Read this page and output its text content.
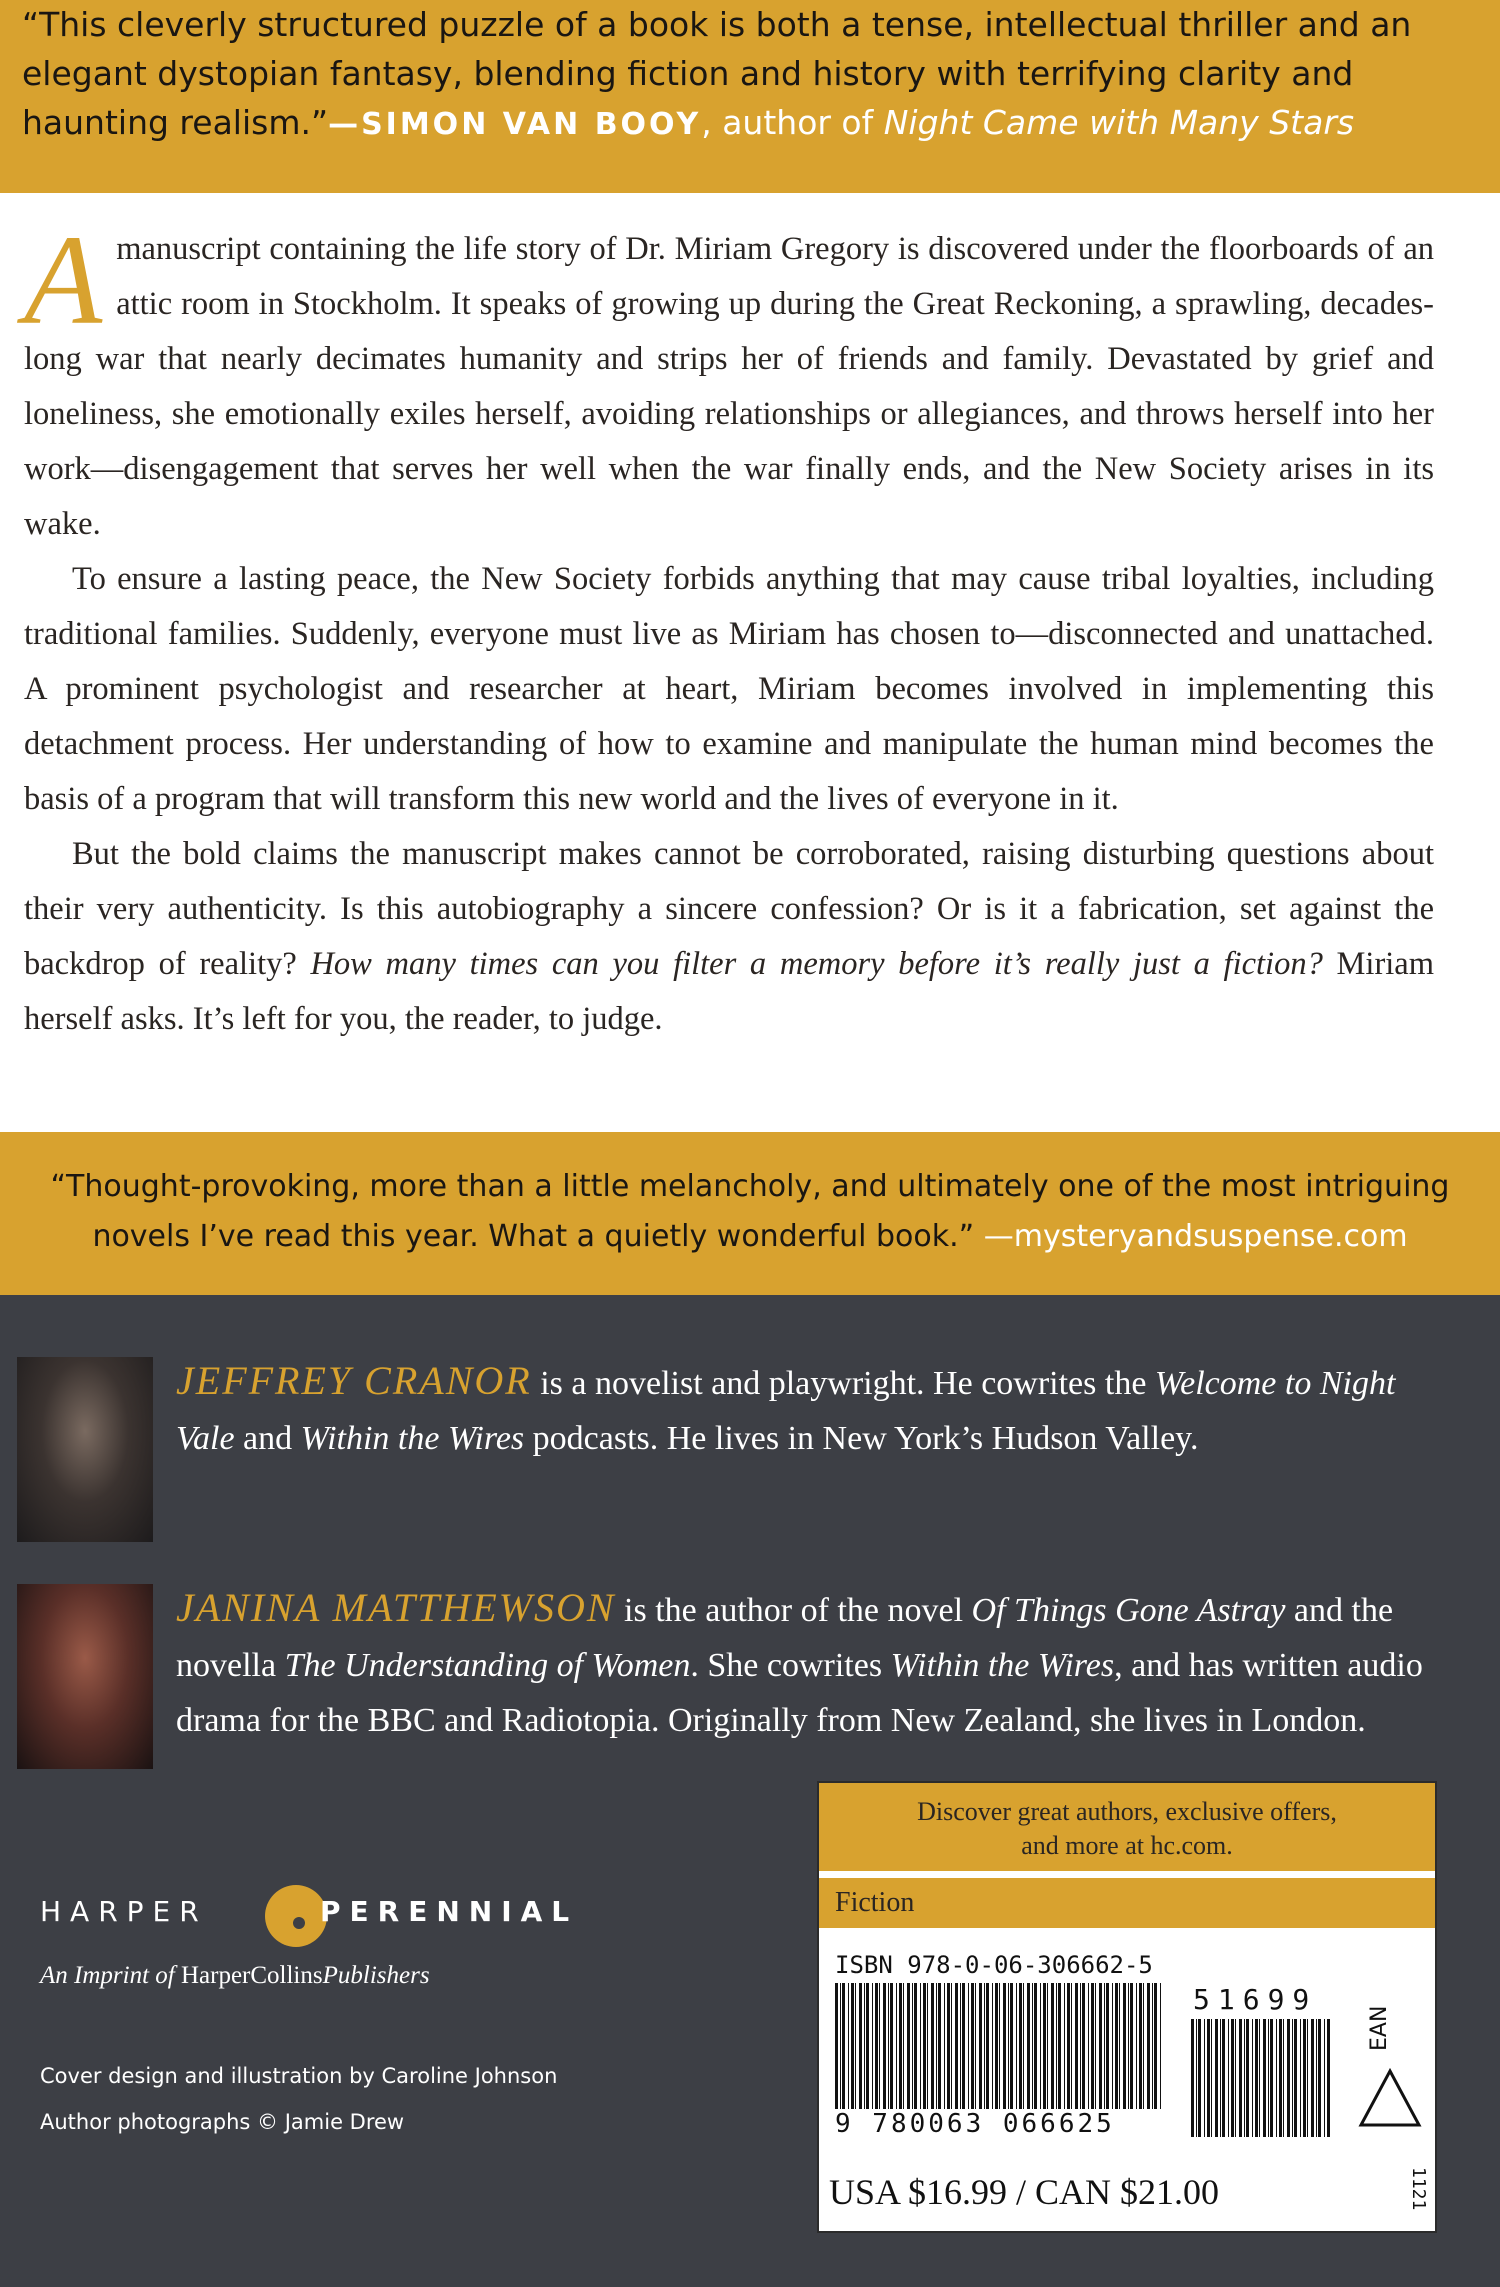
“This cleverly structured puzzle of a book is both a tense, intellectual thriller and an elegant dystopian fantasy, blending fiction and history with terrifying clarity and haunting realism.”—SIMON VAN BOOY, author of Night Came with Many Stars

Amanuscript containing the life story of Dr. Miriam Gregory is discovered under the floorboards of an attic room in Stockholm. It speaks of growing up during the Great Reckoning, a sprawling, decades-long war that nearly decimates humanity and strips her of friends and family. Devastated by grief and loneliness, she emotionally exiles herself, avoiding relationships or allegiances, and throws herself into her work—disengagement that serves her well when the war finally ends, and the New Society arises in its wake.

To ensure a lasting peace, the New Society forbids anything that may cause tribal loyalties, including traditional families. Suddenly, everyone must live as Miriam has chosen to—disconnected and unattached. A prominent psychologist and researcher at heart, Miriam becomes involved in implementing this detachment process. Her understanding of how to examine and manipulate the human mind becomes the basis of a program that will transform this new world and the lives of everyone in it.

But the bold claims the manuscript makes cannot be corroborated, raising disturbing questions about their very authenticity. Is this autobiography a sincere confession? Or is it a fabrication, set against the backdrop of reality? How many times can you filter a memory before it’s really just a fiction? Miriam herself asks. It’s left for you, the reader, to judge.

“Thought-provoking, more than a little melancholy, and ultimately one of the most intriguing novels I’ve read this year. What a quietly wonderful book.” —mysteryandsuspense.com
JEFFREY CRANOR is a novelist and playwright. He cowrites the Welcome to Night Vale and Within the Wires podcasts. He lives in New York’s Hudson Valley.
JANINA MATTHEWSON is the author of the novel Of Things Gone Astray and the novella The Understanding of Women. She cowrites Within the Wires, and has written audio drama for the BBC and Radiotopia. Originally from New Zealand, she lives in London.
HARPER	PERENNIAL
An Imprint of HarperCollinsPublishers
Cover design and illustration by Caroline Johnson
Author photographs © Jamie Drew
Discover great authors, exclusive offers,
and more at hc.com.
Fiction
ISBN 978-0-06-306662-5
9 780063 066625
51699
EAN
USA $16.99 / CAN $21.00	1121
